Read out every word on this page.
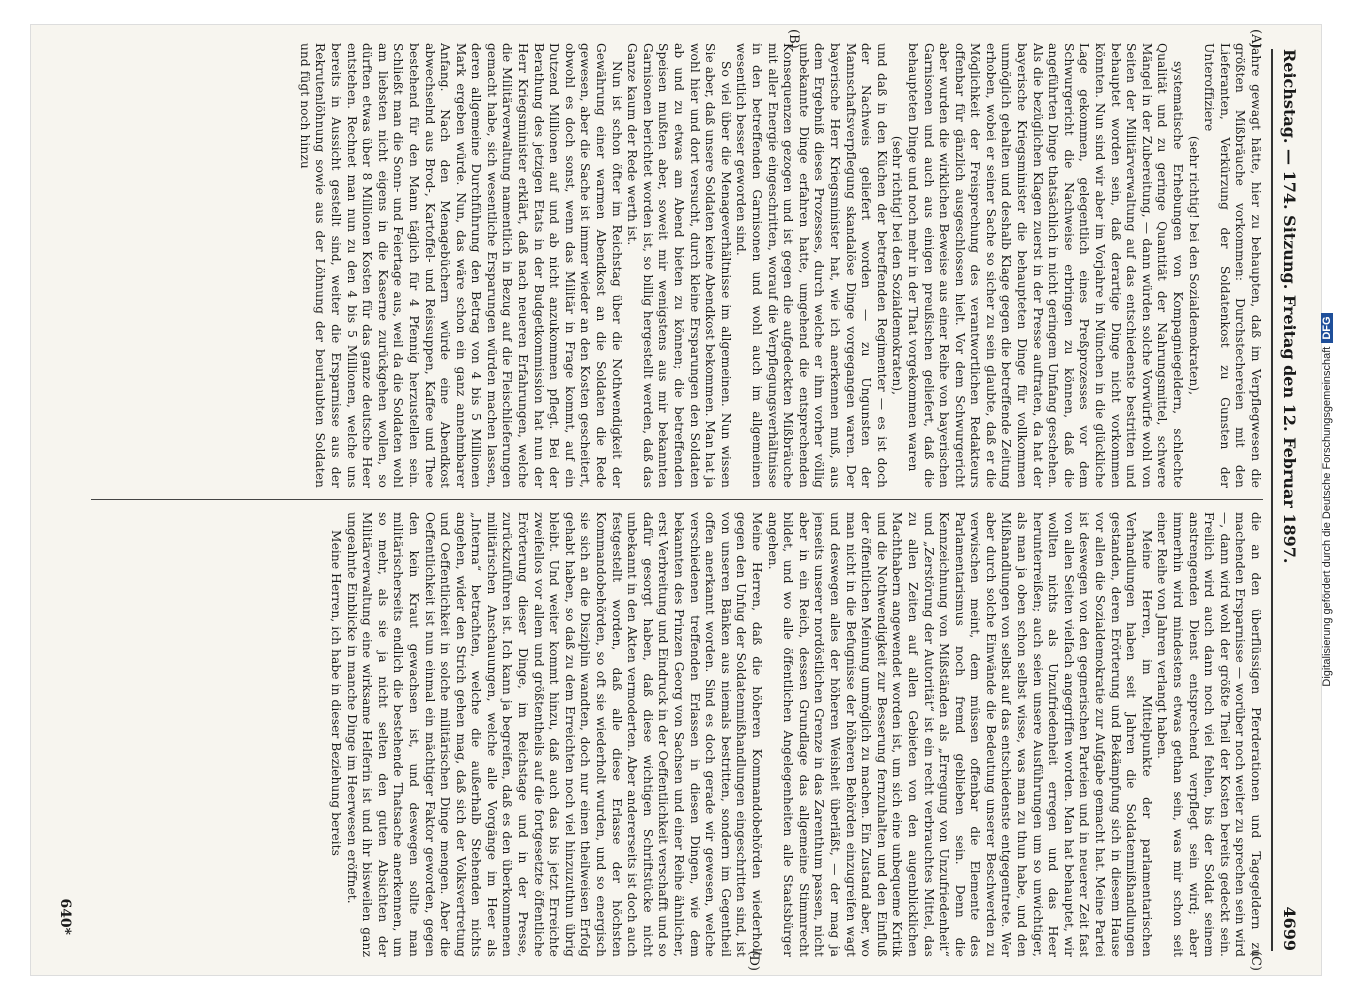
Reichstag. — 174. Sitzung. Freitag den 12. Februar 1897.
4699
(A)
(B)
(C)
(D)

Jahre gewagt hätte, hier zu behaupten, daß im Verpflegwesen die größten Mißbräuche vorkommen: Durchstechereien mit den Lieferanten, Verkürzung der Soldatenkost zu Gunsten der Unteroffiziere

(sehr richtig! bei den Sozialdemokraten),

systematische Erhebungen von Kompagniegeldern, schlechte Qualität und zu geringe Quantität der Nahrungsmittel, schwere Mängel in der Zubereitung, — dann würden solche Vorwürfe wohl von Seiten der Militärverwaltung auf das entschiedenste bestritten und behauptet worden sein, daß derartige Dinge nicht vorkommen könnten. Nun sind wir aber im Vorjahre in München in die glückliche Lage gekommen, gelegentlich eines Preßprozesses vor dem Schwurgericht die Nachweise erbringen zu können, daß die angeführten Dinge thatsächlich in nicht geringem Umfang geschehen. Als die bezüglichen Klagen zuerst in der Presse auftraten, da hat der bayerische Kriegsminister die behaupteten Dinge für vollkommen unmöglich gehalten und deshalb Klage gegen die betreffende Zeitung erhoben, wobei er seiner Sache so sicher zu sein glaubte, daß er die Möglichkeit der Freisprechung des verantwortlichen Redakteurs offenbar für gänzlich ausgeschlossen hielt. Vor dem Schwurgericht aber wurden die wirklichen Beweise aus einer Reihe von bayerischen Garnisonen und auch aus einigen preußischen geliefert, daß die behaupteten Dinge und noch mehr in der That vorgekommen waren

(sehr richtig! bei den Sozialdemokraten),

und daß in den Küchen der betreffenden Regimenter — es ist doch der Nachweis geliefert worden — zu Ungunsten der Mannschaftsverpflegung skandalöse Dinge vorgegangen waren. Der bayerische Herr Kriegsminister hat, wie ich anerkennen muß, aus dem Ergebniß dieses Prozesses, durch welche er ihm vorher völlig unbekannte Dinge erfahren hatte, umgehend die entsprechenden Konsequenzen gezogen und ist gegen die aufgedeckten Mißbräuche mit aller Energie eingeschritten, worauf die Verpflegungsverhältnisse in den betreffenden Garnisonen und wohl auch im allgemeinen wesentlich besser geworden sind.

So viel über die Menageverhältnisse im allgemeinen. Nun wissen Sie aber, daß unsere Soldaten keine Abendkost bekommen. Man hat ja wohl hier und dort versucht, durch kleine Ersparungen den Soldaten ab und zu etwas am Abend bieten zu können; die betreffenden Speisen mußten aber, soweit mir wenigstens aus mir bekannten Garnisonen berichtet worden ist, so billig hergestellt werden, daß das Ganze kaum der Rede werth ist.

Nun ist schon öfter im Reichstag über die Nothwendigkeit der Gewährung einer warmen Abendkost an die Soldaten die Rede gewesen, aber die Sache ist immer wieder an den Kosten gescheitert, obwohl es doch sonst, wenn das Militär in Frage kommt, auf ein Dutzend Millionen auf und ab nicht anzukommen pflegt. Bei der Berathung des jetzigen Etats in der Budgetkommission hat nun der Herr Kriegsminister erklärt, daß nach neueren Erfahrungen, welche die Militärverwaltung namentlich in Bezug auf die Fleischlieferungen gemacht habe, sich wesentliche Ersparungen würden machen lassen, deren allgemeine Durchführung den Betrag von 4 bis 5 Millionen Mark ergeben würde. Nun, das wäre schon ein ganz annehmbarer Anfang. Nach den Menagebüchern würde eine Abendkost abwechselnd aus Brod-, Kartoffel- und Reissuppen, Kaffee und Thee bestehend für den Mann täglich für 4 Pfennig herzustellen sein. Schließt man die Sonn- und Feiertage aus, weil da die Soldaten wohl am liebsten nicht eigens in die Kaserne zurückgehen wollen, so dürften etwas über 8 Millionen Kosten für das ganze deutsche Heer entstehen. Rechnet man nun zu den 4 bis 5 Millionen, welche uns bereits in Aussicht gestellt sind, weiter die Ersparnisse aus der Rekrutenlöhnung sowie aus der Löhnung der beurlaubten Soldaten und fügt noch hinzu

die an den überflüssigen Pferderationen und Tagegeldern zu machenden Ersparnisse — worüber noch weiter zu sprechen sein wird —, dann wird wohl der größte Theil der Kosten bereits gedeckt sein. Freilich wird auch dann noch viel fehlen, bis der Soldat seinem anstrengenden Dienst entsprechend verpflegt sein wird; aber immerhin wird mindestens etwas gethan sein, was mir schon seit einer Reihe von Jahren verlangt haben.

Meine Herren, im Mittelpunkte der parlamentarischen Verhandlungen haben seit Jahren die Soldatenmißhandlungen gestanden, deren Erörterung und Bekämpfung sich in diesem Hause vor allen die Sozialdemokratie zur Aufgabe gemacht hat. Meine Partei ist deswegen von den gegnerischen Parteien und in neuerer Zeit fast von allen Seiten vielfach angegriffen worden. Man hat behauptet, wir wollten nichts als Unzufriedenheit erregen und das Heer herunterreißen; auch seien unsere Ausführungen um so unwichtiger, als man ja oben schon selbst wisse, was man zu thun habe, und den Mißhandlungen von selbst auf das entschiedenste entgegentrete. Wer aber durch solche Einwände die Bedeutung unserer Beschwerden zu verwischen meint, dem müssen offenbar die Elemente des Parlamentarismus noch fremd geblieben sein. Denn die Kennzeichnung von Mißständen als „Erregung von Unzufriedenheit“ und „Zerstörung der Autorität“ ist ein recht verbrauchtes Mittel, das zu allen Zeiten auf allen Gebieten von den augenblicklichen Machthabern angewendet worden ist, um sich eine unbequeme Kritik und die Nothwendigkeit zur Besserung fernzuhalten und den Einfluß der öffentlichen Meinung unmöglich zu machen. Ein Zustand aber, wo man nicht in die Befugnisse der höheren Behörden einzugreifen wagt und deswegen alles der höheren Weisheit überläßt, — der mag ja jenseits unserer nordöstlichen Grenze in das Zarenthum passen, nicht aber in ein Reich, dessen Grundlage das allgemeine Stimmrecht bildet, und wo alle öffentlichen Angelegenheiten alle Staatsbürger angehen.

Meine Herren, daß die höheren Kommandobehörden wiederholt gegen den Unfug der Soldatenmißhandlungen eingeschritten sind, ist von unseren Bänken aus niemals bestritten, sondern im Gegentheil offen anerkannt worden. Sind es doch gerade wir gewesen, welche verschiedenen treffenden Erlassen in diesen Dingen, wie dem bekannten des Prinzen Georg von Sachsen und einer Reihe ähnlicher, erst Verbreitung und Eindruck in der Oeffentlichkeit verschafft und so dafür gesorgt haben, daß diese wichtigen Schriftstücke nicht unbekannt in den Akten vermoderten. Aber andererseits ist doch auch festgestellt worden, daß alle diese Erlasse der höchsten Kommandobehörden, so oft sie wiederholt wurden, und so energisch sie sich an die Disziplin wandten, doch nur einen theilweisen Erfolg gehabt haben, so daß zu dem Erreichten noch viel hinzuzuthun übrig bleibt. Und weiter kommt hinzu, daß auch das bis jetzt Erreichte zweifellos vor allem und größtentheils auf die fortgesetzte öffentliche Erörterung dieser Dinge, im Reichstage und in der Presse, zurückzuführen ist. Ich kann ja begreifen, daß es den überkommenen militärischen Anschauungen, welche alle Vorgänge im Heer als „Interna“ betrachten, welche die außerhalb Stehenden nichts angehen, wider den Strich gehen mag, daß sich der Volksvertretung und Oeffentlichkeit in solche militärischen Dinge mengen. Aber die Oeffentlichkeit ist nun einmal ein mächtiger Faktor geworden, gegen den kein Kraut gewachsen ist, und deswegen sollte man militärischerseits endlich die bestehende Thatsache anerkennen, um so mehr, als sie ja nicht selten den guten Absichten der Militärverwaltung eine wirksame Helferin ist und ihr bisweilen ganz ungeahnte Einblicke in manche Dinge im Heerwesen eröffnet.

Meine Herren, ich habe in dieser Beziehung bereits

640*
Digitalisierung gefördert durch die Deutsche ForschungsgemeinschaftDFG
